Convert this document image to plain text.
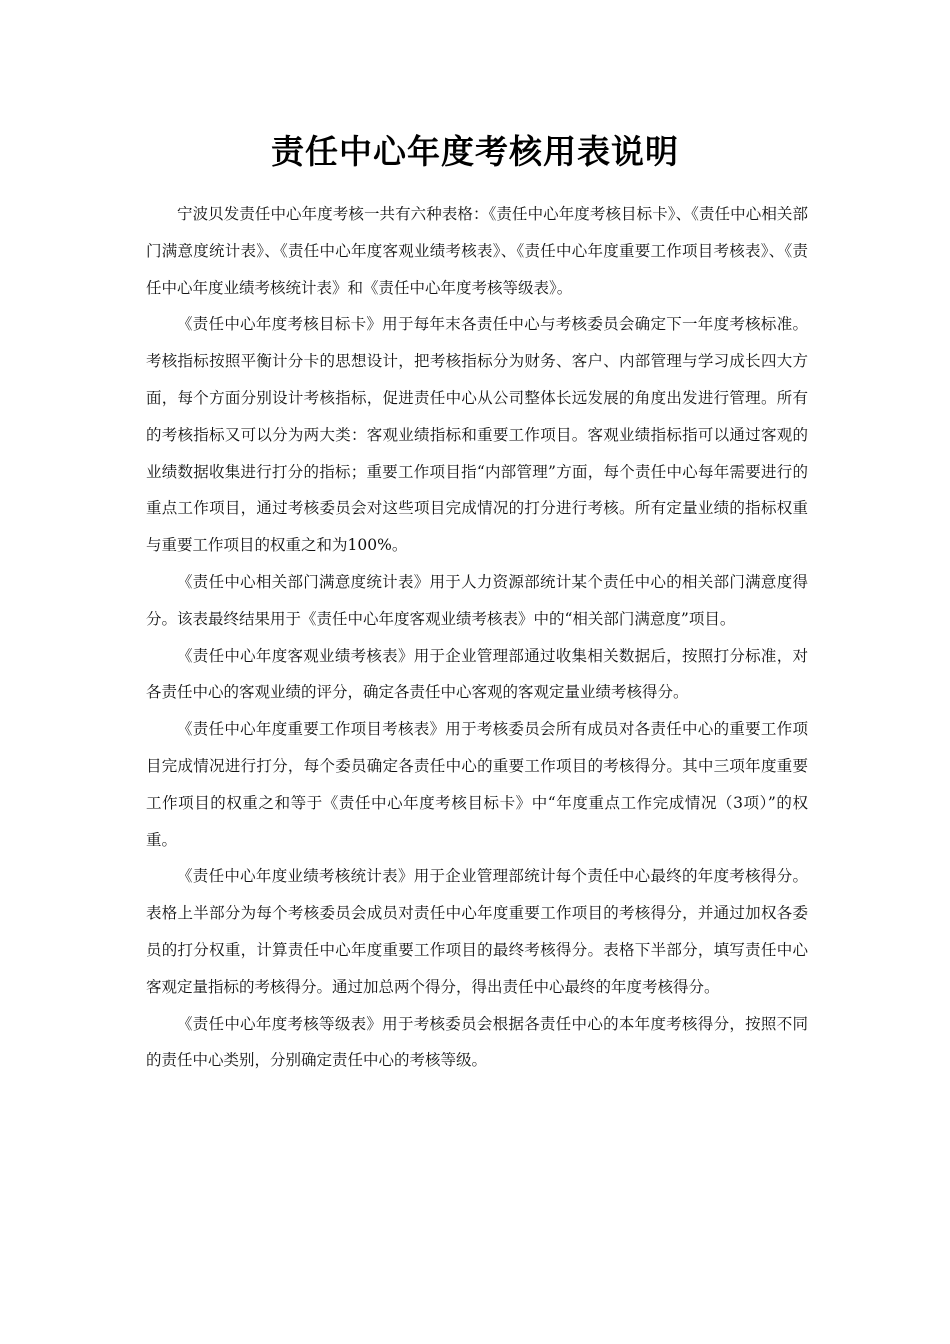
责任中心年度考核用表说明

宁波贝发责任中心年度考核一共有六种表格：《责任中心年度考核目标卡》、《责任中心相关部门满意度统计表》、《责任中心年度客观业绩考核表》、《责任中心年度重要工作项目考核表》、《责任中心年度业绩考核统计表》和《责任中心年度考核等级表》。

《责任中心年度考核目标卡》用于每年末各责任中心与考核委员会确定下一年度考核标准。考核指标按照平衡计分卡的思想设计，把考核指标分为财务、客户、内部管理与学习成长四大方面，每个方面分别设计考核指标，促进责任中心从公司整体长远发展的角度出发进行管理。所有的考核指标又可以分为两大类：客观业绩指标和重要工作项目。客观业绩指标指可以通过客观的业绩数据收集进行打分的指标；重要工作项目指“内部管理”方面，每个责任中心每年需要进行的重点工作项目，通过考核委员会对这些项目完成情况的打分进行考核。所有定量业绩的指标权重与重要工作项目的权重之和为100%。

《责任中心相关部门满意度统计表》用于人力资源部统计某个责任中心的相关部门满意度得分。该表最终结果用于《责任中心年度客观业绩考核表》中的“相关部门满意度”项目。

《责任中心年度客观业绩考核表》用于企业管理部通过收集相关数据后，按照打分标准，对各责任中心的客观业绩的评分，确定各责任中心客观的客观定量业绩考核得分。

《责任中心年度重要工作项目考核表》用于考核委员会所有成员对各责任中心的重要工作项目完成情况进行打分，每个委员确定各责任中心的重要工作项目的考核得分。其中三项年度重要工作项目的权重之和等于《责任中心年度考核目标卡》中“年度重点工作完成情况（3项）”的权重。

《责任中心年度业绩考核统计表》用于企业管理部统计每个责任中心最终的年度考核得分。表格上半部分为每个考核委员会成员对责任中心年度重要工作项目的考核得分，并通过加权各委员的打分权重，计算责任中心年度重要工作项目的最终考核得分。表格下半部分，填写责任中心客观定量指标的考核得分。通过加总两个得分，得出责任中心最终的年度考核得分。

《责任中心年度考核等级表》用于考核委员会根据各责任中心的本年度考核得分，按照不同的责任中心类别，分别确定责任中心的考核等级。
